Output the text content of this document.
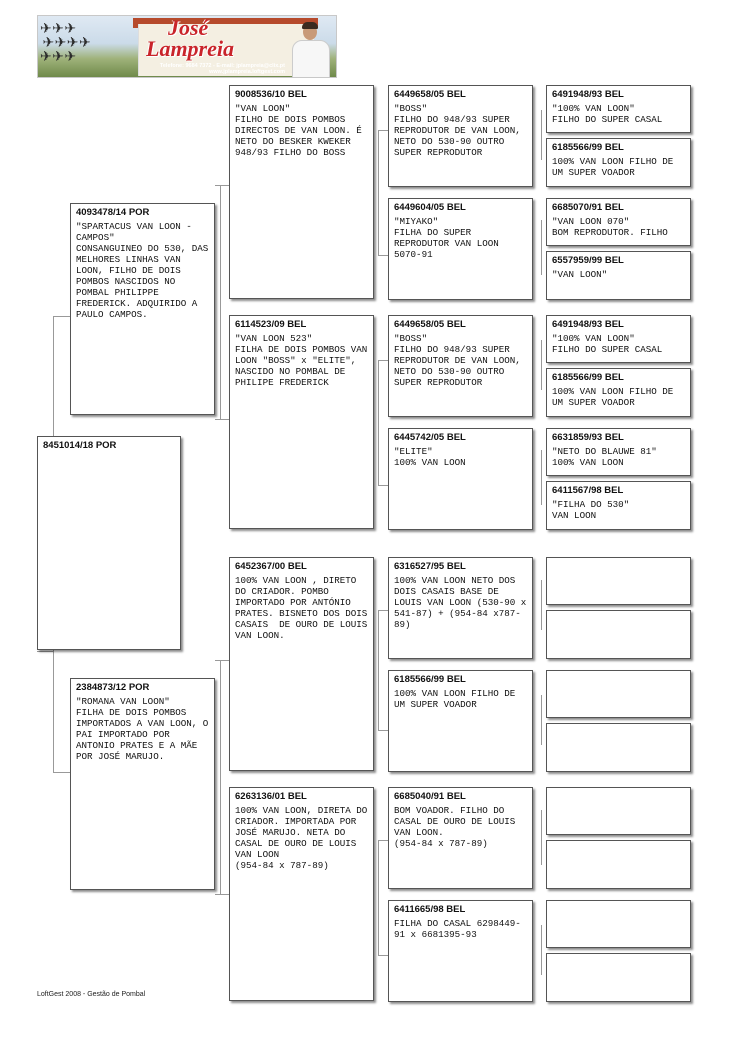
✈ ✈ ✈
✈ ✈ ✈ ✈
✈ ✈ ✈
José
Lampreia
Telefone: 9684 7372 - E-mail: jplampreia@clix.pt
www.jplampreia.loftgest.com
8451014/18 POR
4093478/14 POR
"SPARTACUS VAN LOON - CAMPOS"
CONSANGUINEO DO 530, DAS MELHORES LINHAS VAN LOON, FILHO DE DOIS POMBOS NASCIDOS NO POMBAL PHILIPPE FREDERICK. ADQUIRIDO A PAULO CAMPOS.
2384873/12 POR
"ROMANA VAN LOON"
FILHA DE DOIS POMBOS IMPORTADOS A VAN LOON, O PAI IMPORTADO POR ANTONIO PRATES E A MÃE POR JOSÉ MARUJO.
9008536/10 BEL
"VAN LOON"
FILHO DE DOIS POMBOS DIRECTOS DE VAN LOON. É NETO DO BESKER KWEKER 948/93 FILHO DO BOSS
6114523/09 BEL
"VAN LOON 523"
FILHA DE DOIS POMBOS VAN LOON "BOSS" x "ELITE", NASCIDO NO POMBAL DE PHILIPE FREDERICK
6452367/00 BEL
100% VAN LOON , DIRETO DO CRIADOR. POMBO IMPORTADO POR ANTÓNIO PRATES. BISNETO DOS DOIS CASAIS  DE OURO DE LOUIS VAN LOON.
6263136/01 BEL
100% VAN LOON, DIRETA DO CRIADOR. IMPORTADA POR JOSÉ MARUJO. NETA DO CASAL DE OURO DE LOUIS VAN LOON
(954-84 x 787-89)
6449658/05 BEL
"BOSS"
FILHO DO 948/93 SUPER REPRODUTOR DE VAN LOON, NETO DO 530-90 OUTRO SUPER REPRODUTOR
6449604/05 BEL
"MIYAKO"
FILHA DO SUPER REPRODUTOR VAN LOON 5070-91
6449658/05 BEL
"BOSS"
FILHO DO 948/93 SUPER REPRODUTOR DE VAN LOON, NETO DO 530-90 OUTRO SUPER REPRODUTOR
6445742/05 BEL
"ELITE"
100% VAN LOON
6316527/95 BEL
100% VAN LOON NETO DOS DOIS CASAIS BASE DE LOUIS VAN LOON (530-90 x 541-87) + (954-84 x787-89)
6185566/99 BEL
100% VAN LOON FILHO DE UM SUPER VOADOR
6685040/91 BEL
BOM VOADOR. FILHO DO CASAL DE OURO DE LOUIS VAN LOON.
(954-84 x 787-89)
6411665/98 BEL
FILHA DO CASAL 6298449-91 x 6681395-93
6491948/93 BEL
"100% VAN LOON"
FILHO DO SUPER CASAL
6185566/99 BEL
100% VAN LOON FILHO DE UM SUPER VOADOR
6685070/91 BEL
"VAN LOON 070"
BOM REPRODUTOR. FILHO
6557959/99 BEL
"VAN LOON"
6491948/93 BEL
"100% VAN LOON"
FILHO DO SUPER CASAL
6185566/99 BEL
100% VAN LOON FILHO DE UM SUPER VOADOR
6631859/93 BEL
"NETO DO BLAUWE 81"
100% VAN LOON
6411567/98 BEL
"FILHA DO 530"
VAN LOON
LoftGest 2008 - Gestão de Pombal
